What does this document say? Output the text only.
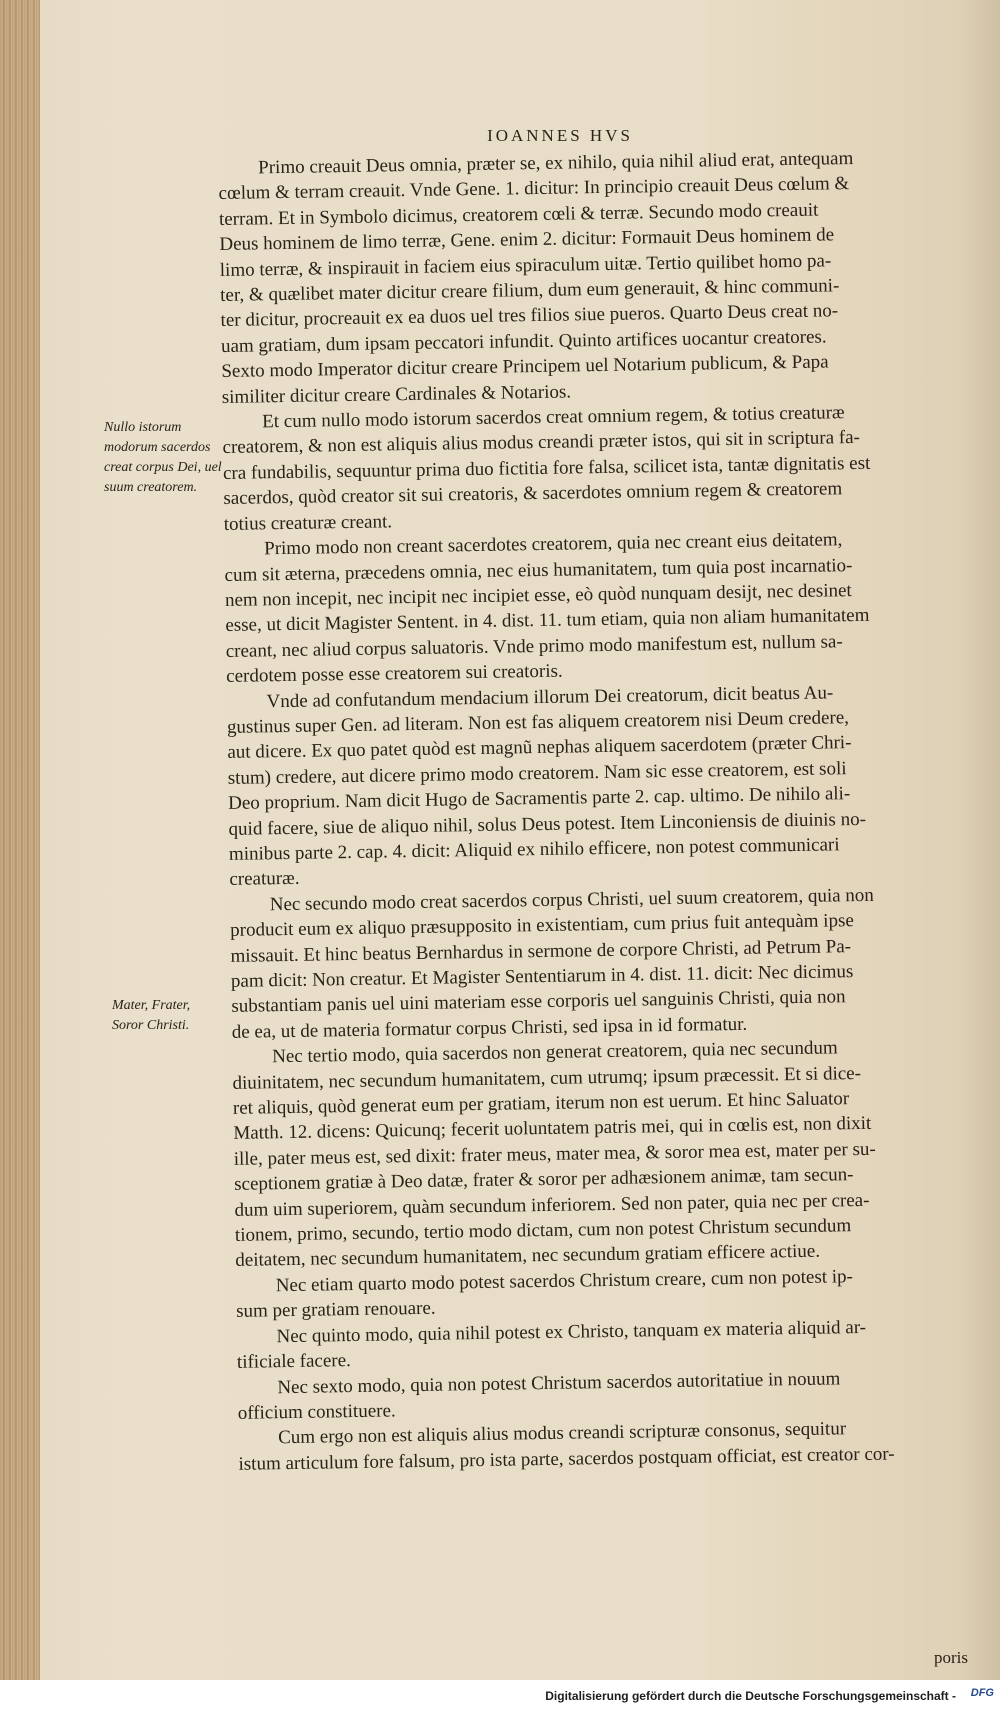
IOANNES HVS
Nullo istorum modorum sacerdos creat corpus Dei, uel suum creatorem.
Mater, Frater, Soror Christi.
Primo creauit Deus omnia, præter se, ex nihilo, quia nihil aliud erat, antequam
cœlum & terram creauit. Vnde Gene. 1. dicitur: In principio creauit Deus cœlum &
terram. Et in Symbolo dicimus, creatorem cœli & terræ. Secundo modo creauit
Deus hominem de limo terræ, Gene. enim 2. dicitur: Formauit Deus hominem de
limo terræ, & inspirauit in faciem eius spiraculum uitæ. Tertio quilibet homo pa-
ter, & quælibet mater dicitur creare filium, dum eum generauit, & hinc communi-
ter dicitur, procreauit ex ea duos uel tres filios siue pueros. Quarto Deus creat no-
uam gratiam, dum ipsam peccatori infundit. Quinto artifices uocantur creatores.
Sexto modo Imperator dicitur creare Principem uel Notarium publicum, & Papa
similiter dicitur creare Cardinales & Notarios.
Et cum nullo modo istorum sacerdos creat omnium regem, & totius creaturæ
creatorem, & non est aliquis alius modus creandi præter istos, qui sit in scriptura fa-
cra fundabilis, sequuntur prima duo fictitia fore falsa, scilicet ista, tantæ dignitatis est
sacerdos, quòd creator sit sui creatoris, & sacerdotes omnium regem & creatorem
totius creaturæ creant.
Primo modo non creant sacerdotes creatorem, quia nec creant eius deitatem,
cum sit æterna, præcedens omnia, nec eius humanitatem, tum quia post incarnatio-
nem non incepit, nec incipit nec incipiet esse, eò quòd nunquam desijt, nec desinet
esse, ut dicit Magister Sentent. in 4. dist. 11. tum etiam, quia non aliam humanitatem
creant, nec aliud corpus saluatoris. Vnde primo modo manifestum est, nullum sa-
cerdotem posse esse creatorem sui creatoris.
Vnde ad confutandum mendacium illorum Dei creatorum, dicit beatus Au-
gustinus super Gen. ad literam. Non est fas aliquem creatorem nisi Deum credere,
aut dicere. Ex quo patet quòd est magnũ nephas aliquem sacerdotem (præter Chri-
stum) credere, aut dicere primo modo creatorem. Nam sic esse creatorem, est soli
Deo proprium. Nam dicit Hugo de Sacramentis parte 2. cap. ultimo. De nihilo ali-
quid facere, siue de aliquo nihil, solus Deus potest. Item Linconiensis de diuinis no-
minibus parte 2. cap. 4. dicit: Aliquid ex nihilo efficere, non potest communicari
creaturæ.
Nec secundo modo creat sacerdos corpus Christi, uel suum creatorem, quia non
producit eum ex aliquo præsupposito in existentiam, cum prius fuit antequàm ipse
missauit. Et hinc beatus Bernhardus in sermone de corpore Christi, ad Petrum Pa-
pam dicit: Non creatur. Et Magister Sententiarum in 4. dist. 11. dicit: Nec dicimus
substantiam panis uel uini materiam esse corporis uel sanguinis Christi, quia non
de ea, ut de materia formatur corpus Christi, sed ipsa in id formatur.
Nec tertio modo, quia sacerdos non generat creatorem, quia nec secundum
diuinitatem, nec secundum humanitatem, cum utrumq; ipsum præcessit. Et si dice-
ret aliquis, quòd generat eum per gratiam, iterum non est uerum. Et hinc Saluator
Matth. 12. dicens: Quicunq; fecerit uoluntatem patris mei, qui in cœlis est, non dixit
ille, pater meus est, sed dixit: frater meus, mater mea, & soror mea est, mater per su-
sceptionem gratiæ à Deo datæ, frater & soror per adhæsionem animæ, tam secun-
dum uim superiorem, quàm secundum inferiorem. Sed non pater, quia nec per crea-
tionem, primo, secundo, tertio modo dictam, cum non potest Christum secundum
deitatem, nec secundum humanitatem, nec secundum gratiam efficere actiue.
Nec etiam quarto modo potest sacerdos Christum creare, cum non potest ip-
sum per gratiam renouare.
Nec quinto modo, quia nihil potest ex Christo, tanquam ex materia aliquid ar-
tificiale facere.
Nec sexto modo, quia non potest Christum sacerdos autoritatiue in nouum
officium constituere.
Cum ergo non est aliquis alius modus creandi scripturæ consonus, sequitur
istum articulum fore falsum, pro ista parte, sacerdos postquam officiat, est creator cor-
poris
Digitalisierung gefördert durch die Deutsche Forschungsgemeinschaft - DFG
